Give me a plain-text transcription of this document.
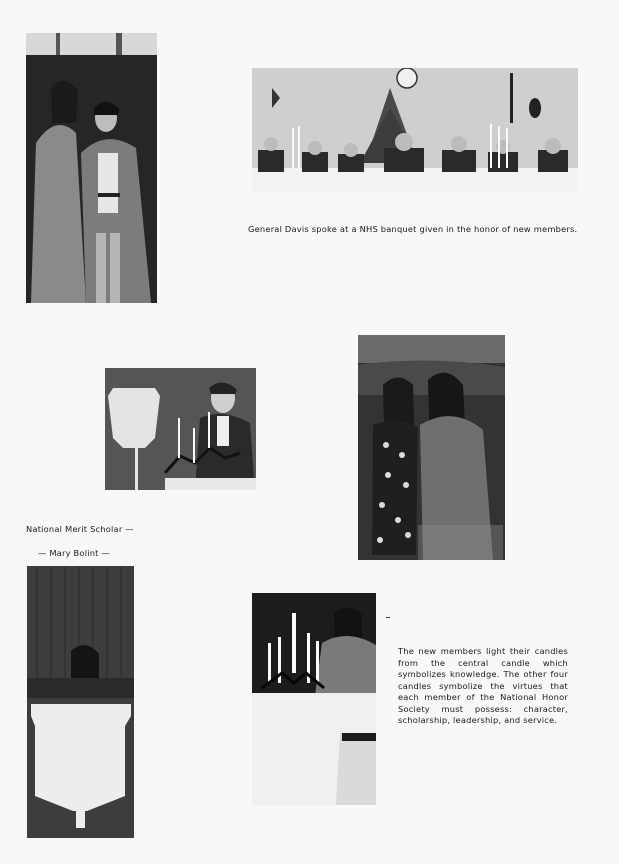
National Merit Scholar —

— Mary Bolint —

General Davis spoke at a NHS banquet given in the honor of new members.

The new members light their candles from the central candle which symbolizes knowledge. The other four candles symbolize the virtues that each member of the National Honor Society must possess: character, scholarship, leadership, and service.
